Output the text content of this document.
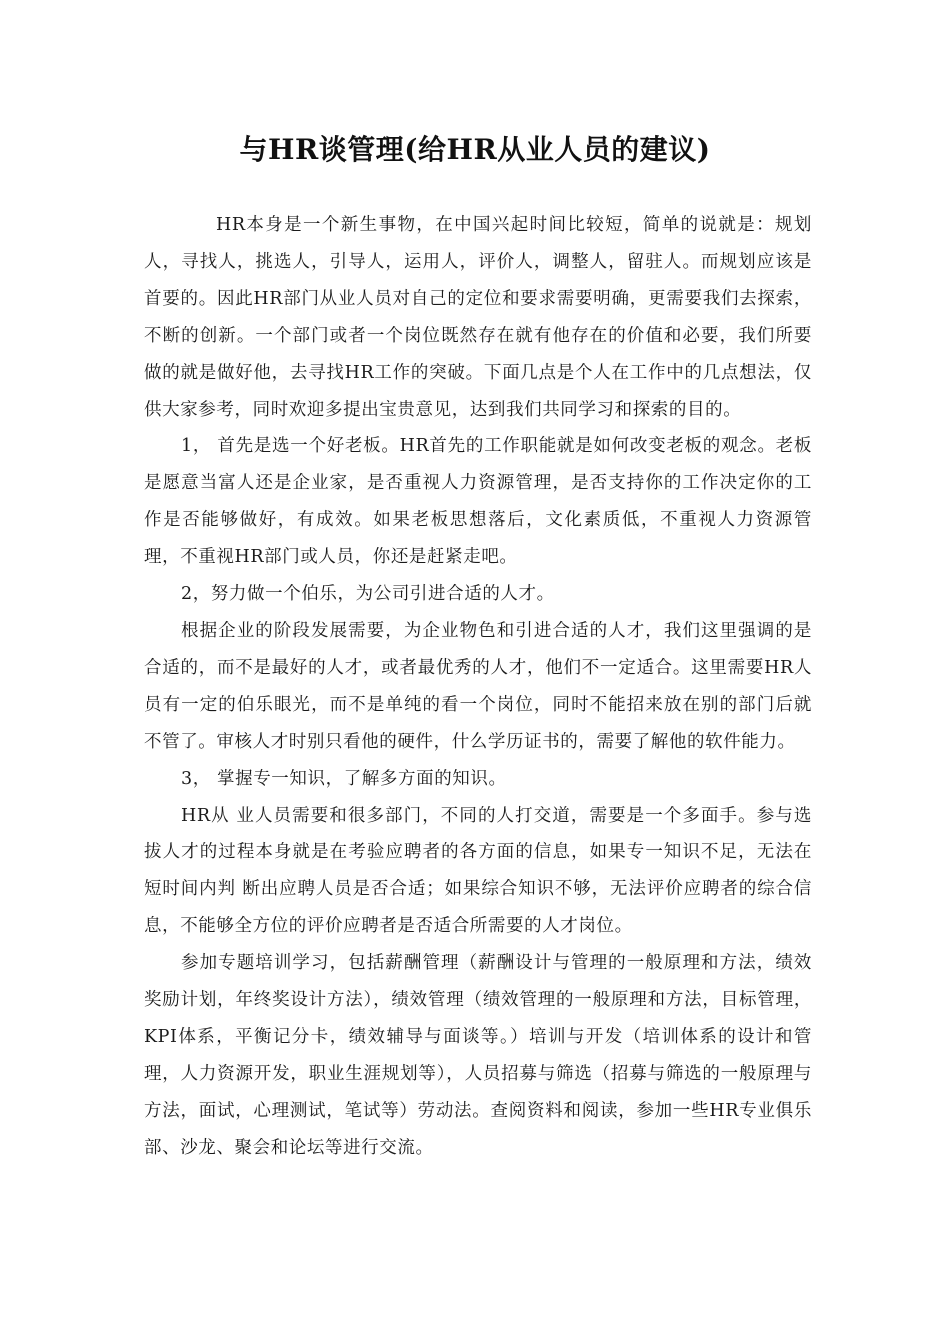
与HR谈管理(给HR从业人员的建议)

HR本身是一个新生事物，在中国兴起时间比较短，简单的说就是：规划人，寻找人，挑选人，引导人，运用人，评价人，调整人，留驻人。而规划应该是首要的。因此HR部门从业人员对自己的定位和要求需要明确，更需要我们去探索，不断的创新。一个部门或者一个岗位既然存在就有他存在的价值和必要，我们所要做的就是做好他，去寻找HR工作的突破。下面几点是个人在工作中的几点想法，仅供大家参考，同时欢迎多提出宝贵意见，达到我们共同学习和探索的目的。

1， 首先是选一个好老板。HR首先的工作职能就是如何改变老板的观念。老板是愿意当富人还是企业家，是否重视人力资源管理，是否支持你的工作决定你的工作是否能够做好，有成效。如果老板思想落后，文化素质低，不重视人力资源管理，不重视HR部门或人员，你还是赶紧走吧。

2，努力做一个伯乐，为公司引进合适的人才。

根据企业的阶段发展需要，为企业物色和引进合适的人才，我们这里强调的是合适的，而不是最好的人才，或者最优秀的人才，他们不一定适合。这里需要HR人员有一定的伯乐眼光，而不是单纯的看一个岗位，同时不能招来放在别的部门后就不管了。审核人才时别只看他的硬件，什么学历证书的，需要了解他的软件能力。

3， 掌握专一知识，了解多方面的知识。

HR从 业人员需要和很多部门，不同的人打交道，需要是一个多面手。参与选拔人才的过程本身就是在考验应聘者的各方面的信息，如果专一知识不足，无法在短时间内判 断出应聘人员是否合适；如果综合知识不够，无法评价应聘者的综合信息，不能够全方位的评价应聘者是否适合所需要的人才岗位。

参加专题培训学习，包括薪酬管理（薪酬设计与管理的一般原理和方法，绩效奖励计划，年终奖设计方法），绩效管理（绩效管理的一般原理和方法，目标管理，KPI体系，平衡记分卡，绩效辅导与面谈等。）培训与开发（培训体系的设计和管理，人力资源开发，职业生涯规划等），人员招募与筛选（招募与筛选的一般原理与方法，面试，心理测试，笔试等）劳动法。查阅资料和阅读，参加一些HR专业俱乐部、沙龙、聚会和论坛等进行交流。
